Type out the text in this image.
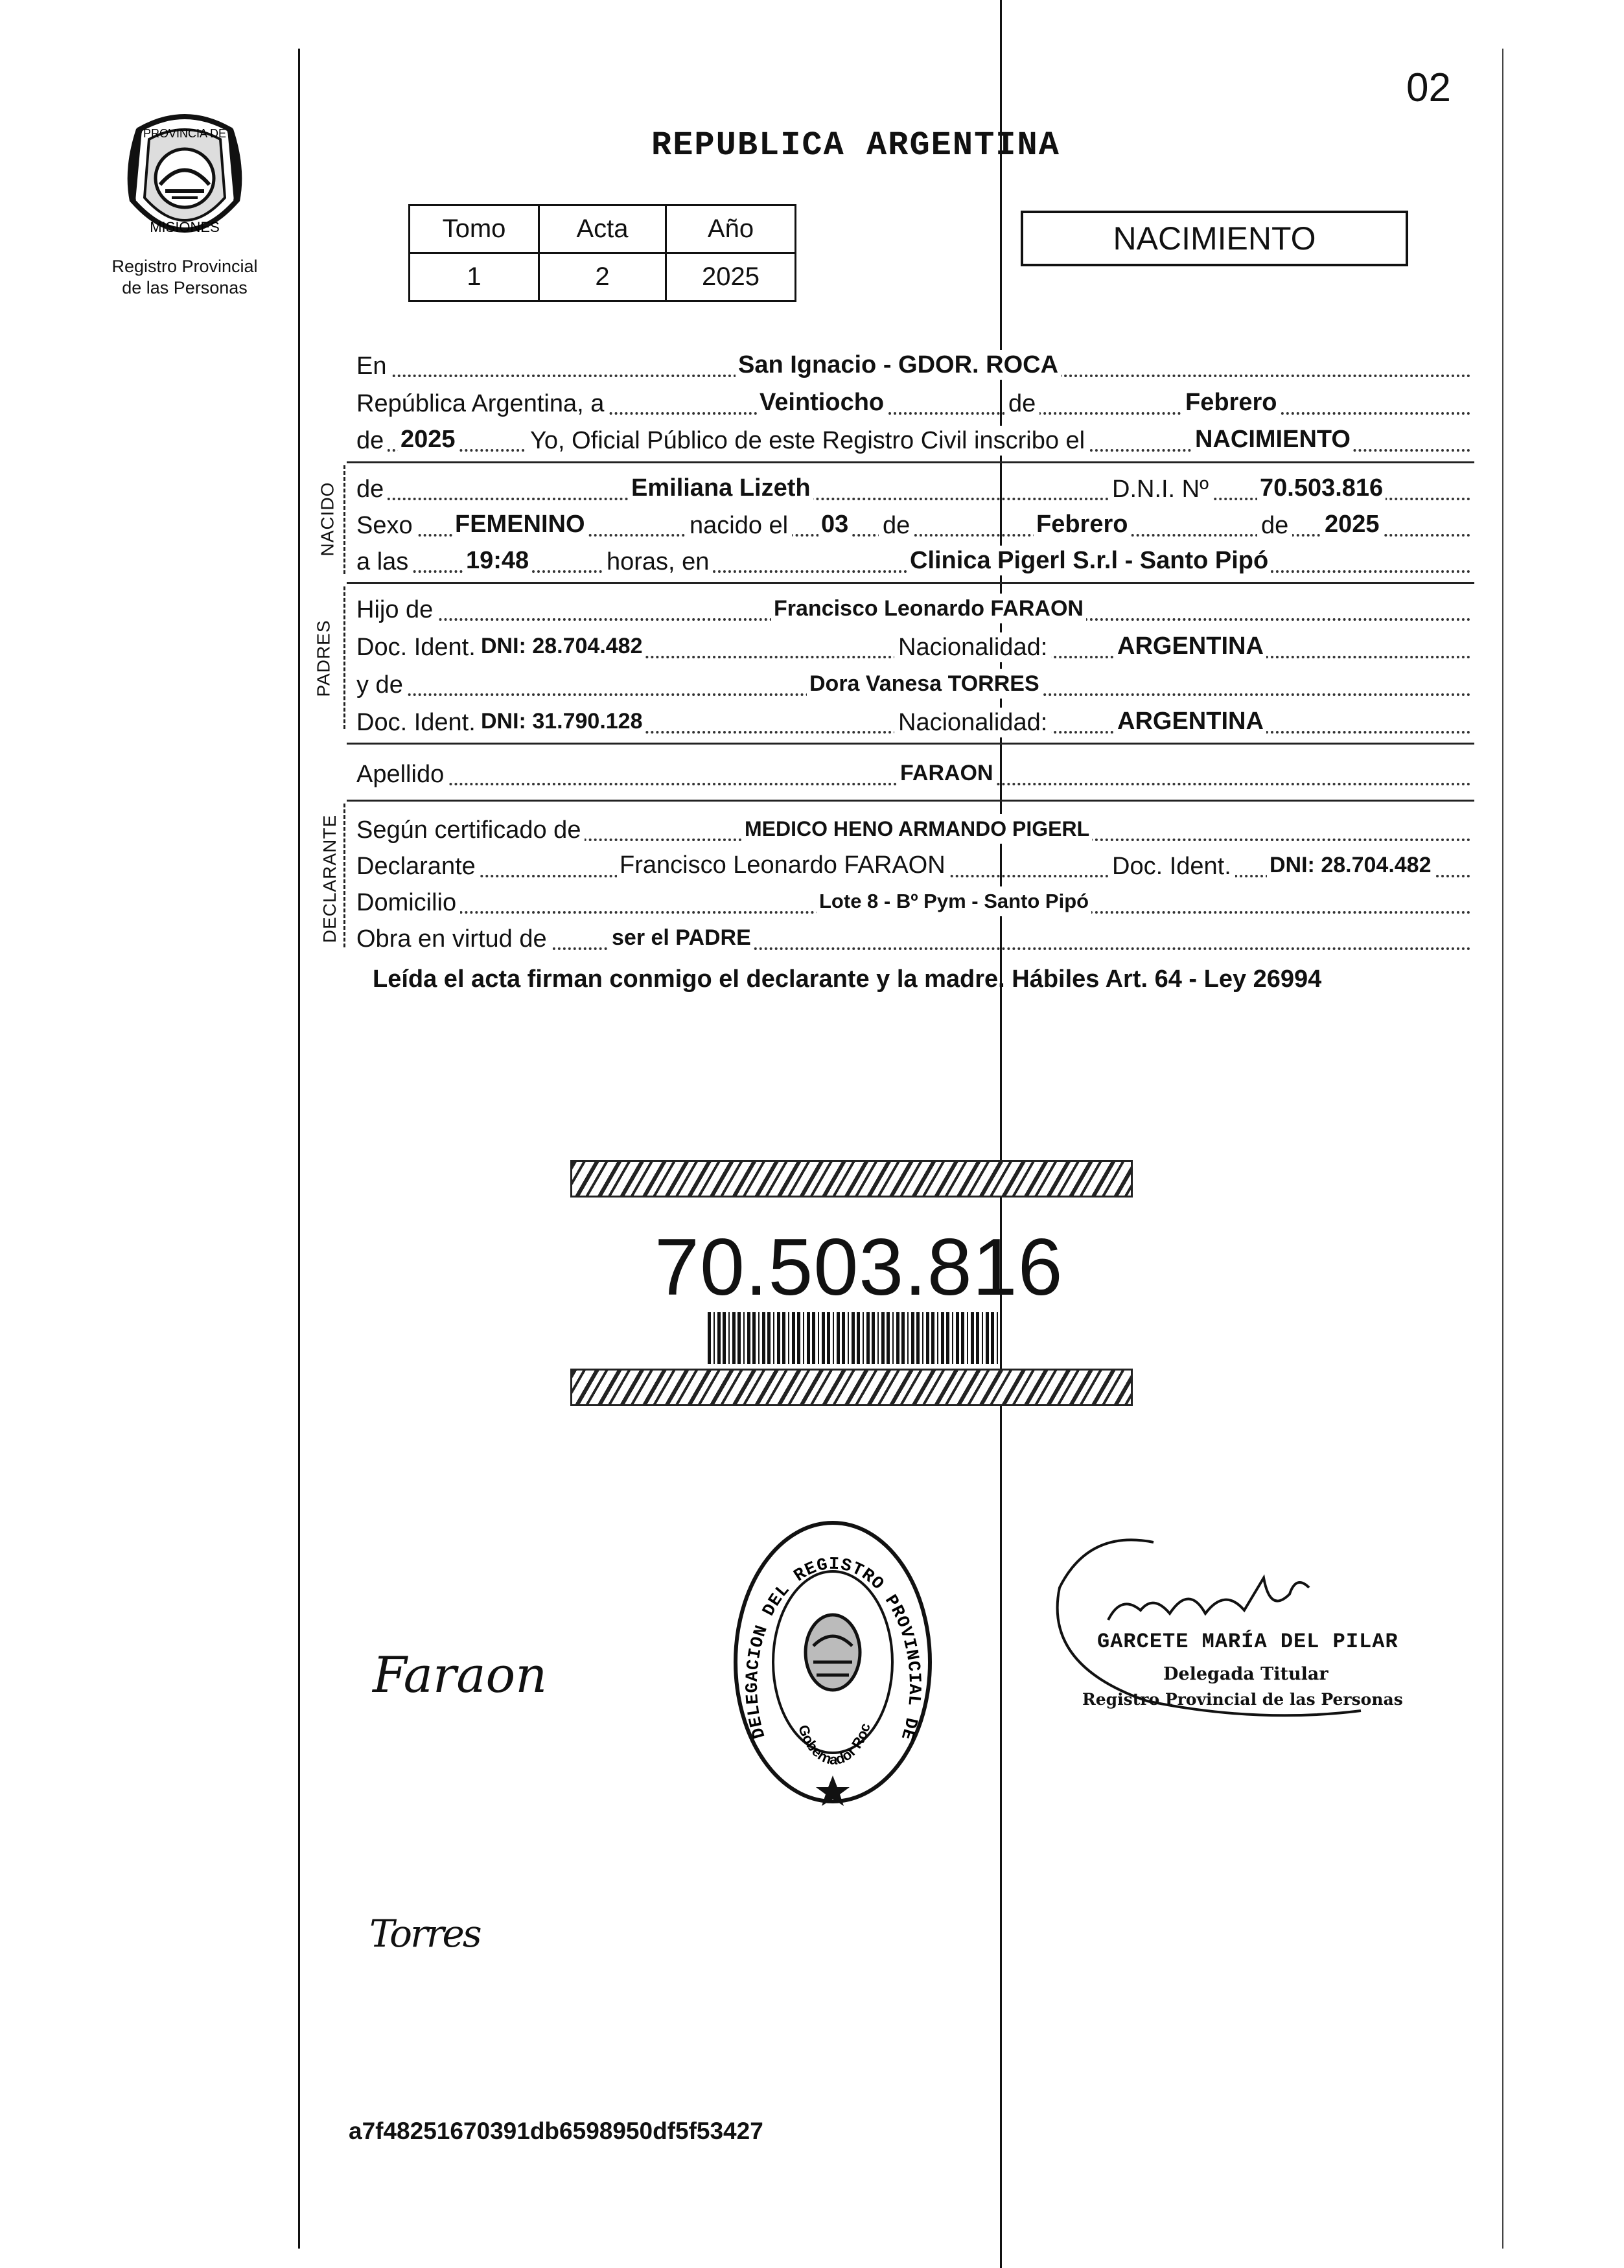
PROVINCIA DE
MISIONES
Registro Provincial
de las Personas
02
REPUBLICA ARGENTINA
Tomo	Acta	Año
1	2	2025
NACIMIENTO
En	San Ignacio - GDOR. ROCA
República Argentina, a	Veintiocho	de	Febrero
de 2025	Yo, Oficial Público de este Registro Civil inscribo el	NACIMIENTO
NACIDO de	Emiliana Lizeth	D.N.I. Nº 70.503.816
Sexo FEMENINO	nacido el 03 de	Febrero	de 2025
a las 19:48	horas, en	Clinica Pigerl S.r.l - Santo Pipó
PADRES
Hijo de	Francisco Leonardo FARAON
Doc. Ident. DNI: 28.704.482	Nacionalidad:	ARGENTINA
y de	Dora Vanesa TORRES
Doc. Ident. DNI: 31.790.128	Nacionalidad:	ARGENTINA
Apellido	FARAON
DECLARANTE Según certificado de	MEDICO HENO ARMANDO PIGERL
Declarante	Francisco Leonardo FARAON	Doc. Ident. DNI: 28.704.482
Domicilio	Lote 8 - Bº Pym - Santo Pipó
Obra en virtud de	ser el PADRE
Leída el acta firman conmigo el declarante y la madre. Hábiles Art. 64 - Ley 26994
70.503.816
DELEGACION DEL REGISTRO PROVINCIAL DE
Gobernador Roc
GARCETE MARÍA DEL PILAR
Delegada Titular
Registro Provincial de las Personas
Faraon
Torres
a7f48251670391db6598950df5f53427
